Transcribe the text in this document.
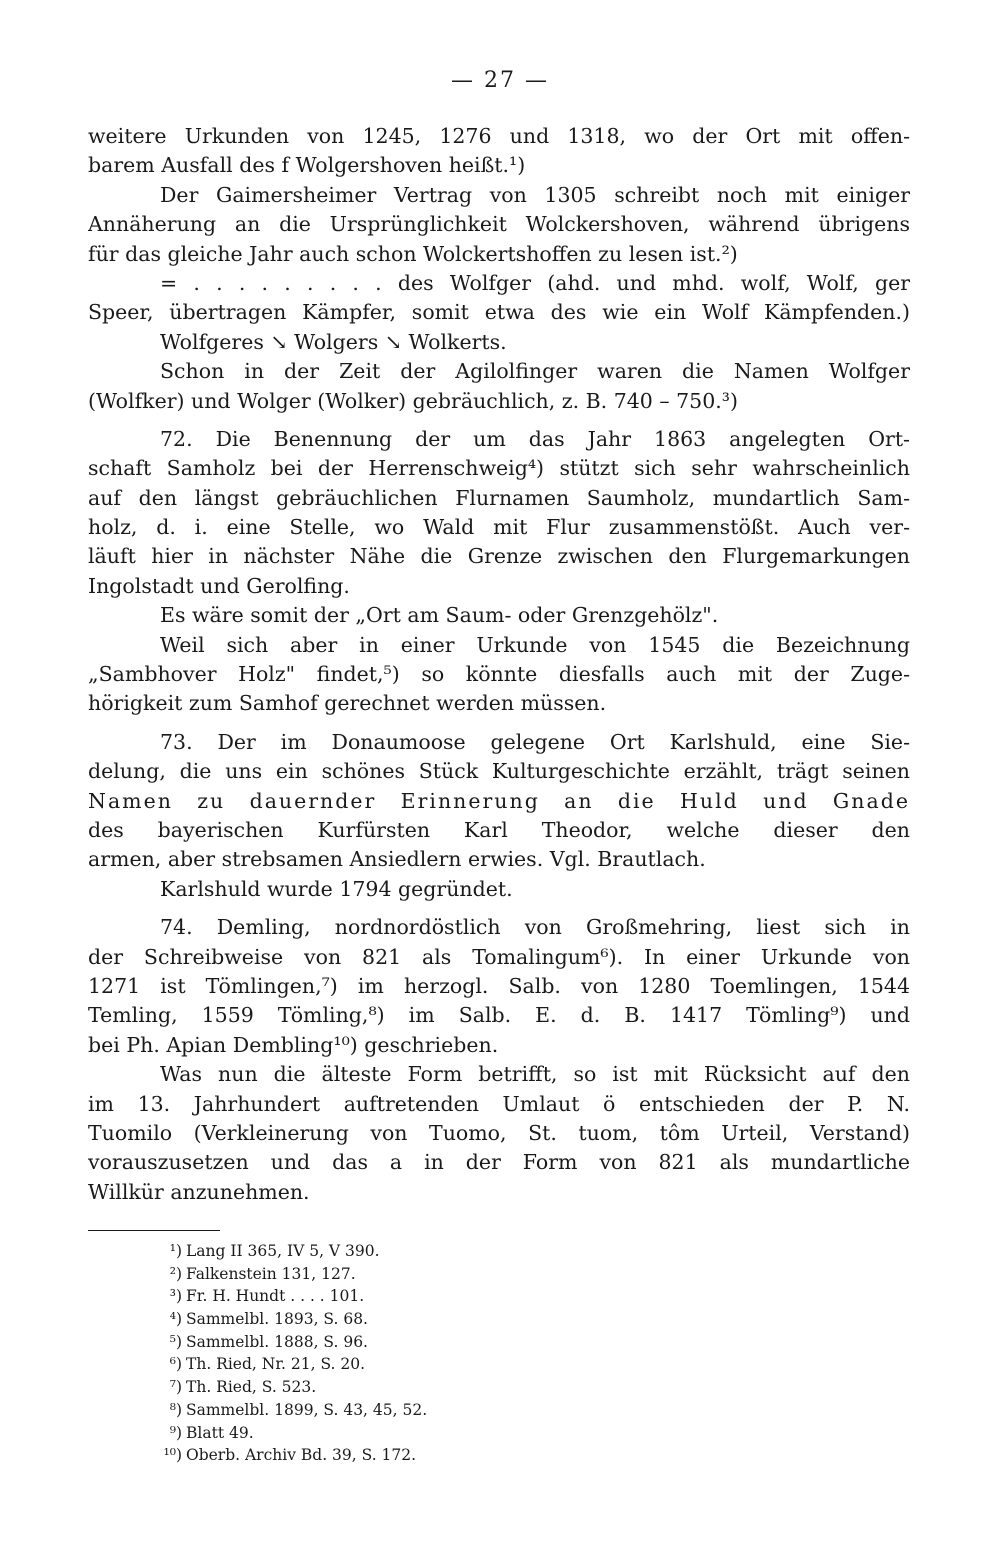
— 27 —
weitere Urkunden von 1245, 1276 und 1318, wo der Ort mit offen-
barem Ausfall des f Wolgershoven heißt.¹)
Der Gaimersheimer Vertrag von 1305 schreibt noch mit einiger
Annäherung an die Ursprünglichkeit Wolckershoven, während übrigens
für das gleiche Jahr auch schon Wolckertshoffen zu lesen ist.²)
= . . . . . . . . . des Wolfger (ahd. und mhd. wolf, Wolf, ger
Speer, übertragen Kämpfer, somit etwa des wie ein Wolf Kämpfenden.)
Wolfgeres ↘ Wolgers ↘ Wolkerts.
Schon in der Zeit der Agilolfinger waren die Namen Wolfger
(Wolfker) und Wolger (Wolker) gebräuchlich, z. B. 740 – 750.³)
72. Die Benennung der um das Jahr 1863 angelegten Ort-
schaft Samholz bei der Herrenschweig⁴) stützt sich sehr wahrscheinlich
auf den längst gebräuchlichen Flurnamen Saumholz, mundartlich Sam-
holz, d. i. eine Stelle, wo Wald mit Flur zusammenstößt. Auch ver-
läuft hier in nächster Nähe die Grenze zwischen den Flurgemarkungen
Ingolstadt und Gerolfing.
Es wäre somit der „Ort am Saum- oder Grenzgehölz".
Weil sich aber in einer Urkunde von 1545 die Bezeichnung
„Sambhover Holz" findet,⁵) so könnte diesfalls auch mit der Zuge-
hörigkeit zum Samhof gerechnet werden müssen.
73. Der im Donaumoose gelegene Ort Karlshuld, eine Sie-
delung, die uns ein schönes Stück Kulturgeschichte erzählt, trägt seinen
Namen zu dauernder Erinnerung an die Huld und Gnade
des bayerischen Kurfürsten Karl Theodor, welche dieser den
armen, aber strebsamen Ansiedlern erwies. Vgl. Brautlach.
Karlshuld wurde 1794 gegründet.
74. Demling, nordnordöstlich von Großmehring, liest sich in
der Schreibweise von 821 als Tomalingum⁶). In einer Urkunde von
1271 ist Tömlingen,⁷) im herzogl. Salb. von 1280 Toemlingen, 1544
Temling, 1559 Tömling,⁸) im Salb. E. d. B. 1417 Tömling⁹) und
bei Ph. Apian Dembling¹⁰) geschrieben.
Was nun die älteste Form betrifft, so ist mit Rücksicht auf den
im 13. Jahrhundert auftretenden Umlaut ö entschieden der P. N.
Tuomilo (Verkleinerung von Tuomo, St. tuom, tôm Urteil, Verstand)
vorauszusetzen und das a in der Form von 821 als mundartliche
Willkür anzunehmen.
¹) Lang II 365, IV 5, V 390.
²) Falkenstein 131, 127.
³) Fr. H. Hundt . . . . 101.
⁴) Sammelbl. 1893, S. 68.
⁵) Sammelbl. 1888, S. 96.
⁶) Th. Ried, Nr. 21, S. 20.
⁷) Th. Ried, S. 523.
⁸) Sammelbl. 1899, S. 43, 45, 52.
⁹) Blatt 49.
¹⁰) Oberb. Archiv Bd. 39, S. 172.
